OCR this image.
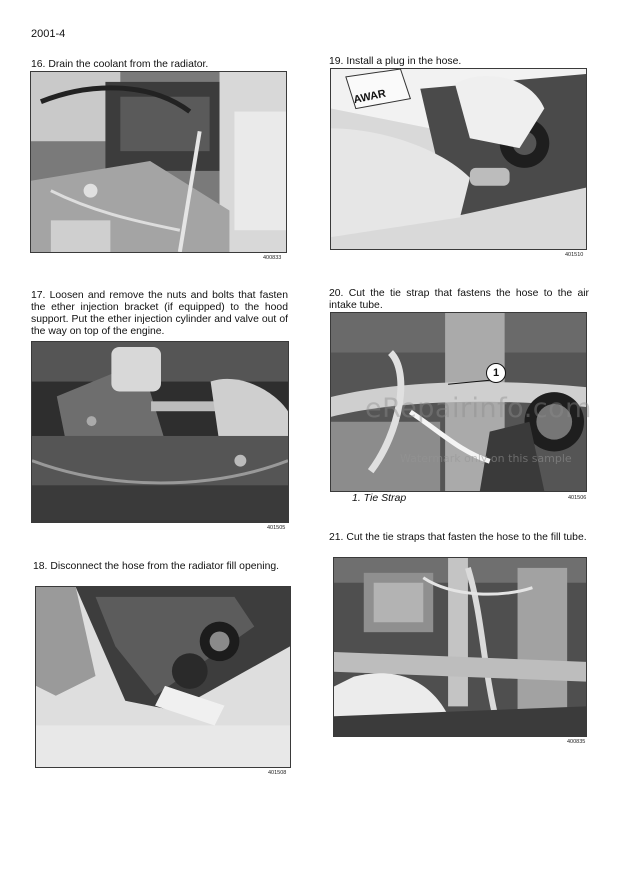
2001-4

16. Drain the coolant from the radiator.

400833

17. Loosen and remove the nuts and bolts that fasten the ether injection bracket (if equipped) to the hood support. Put the ether injection cylinder and valve out of the way on top of the engine.

401505

18. Disconnect the hose from the radiator fill opening.

401508

19. Install a plug in the hose.

AWAR
401510

20. Cut the tie strap that fastens the hose to the air intake tube.

1
1. Tie Strap	401506
eRepairinfo.com
Watermark only on this sample

21. Cut the tie straps that fasten the hose to the fill tube.

400835
